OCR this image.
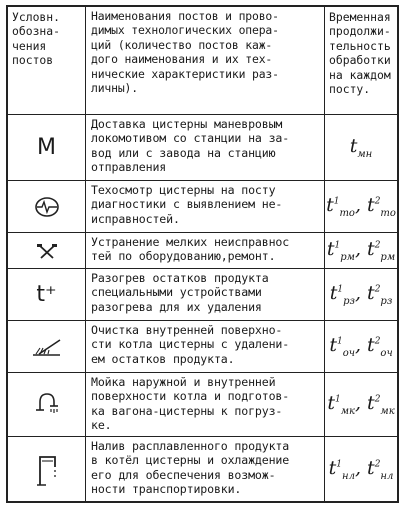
Условн.
обозна-
чения
постов
Наименования постов и прово-
димых технологических опера-
ций (количество постов каж-
дого наименования и их тех-
нические характеристики раз-
личны).
Временная
продолжи-
тельность
обработки
на каждом
посту.
М
Доставка цистерны маневровым
локомотивом со станции на за-
вод или с завода на станцию
отправления
$t_{мн}$
Техосмотр цистерны на посту
диагностики с выявлением не-
исправностей.
$t^1_{то}$, $t^2_{то}$
Устранение мелких неисправнос
тей по оборудованию,ремонт.	$t^1_{рм}$, $t^2_{рм}$
t⁺
Разогрев остатков продукта
специальными устройствами
разогрева для их удаления
$t^1_{рз}$, $t^2_{рз}$
Очистка внутренней поверхно-
сти котла цистерны с удалени-
ем остатков продукта.
$t^1_{оч}$, $t^2_{оч}$
Мойка наружной и внутренней
поверхности котла и подготов-
ка вагона-цистерны к погруз-
ке.
$t^1_{мк}$, $t^2_{мк}$
Налив расплавленного продукта
в котёл цистерны и охлаждение
его для обеспечения возмож-
ности транспортировки.
$t^1_{нл}$, $t^2_{нл}$
